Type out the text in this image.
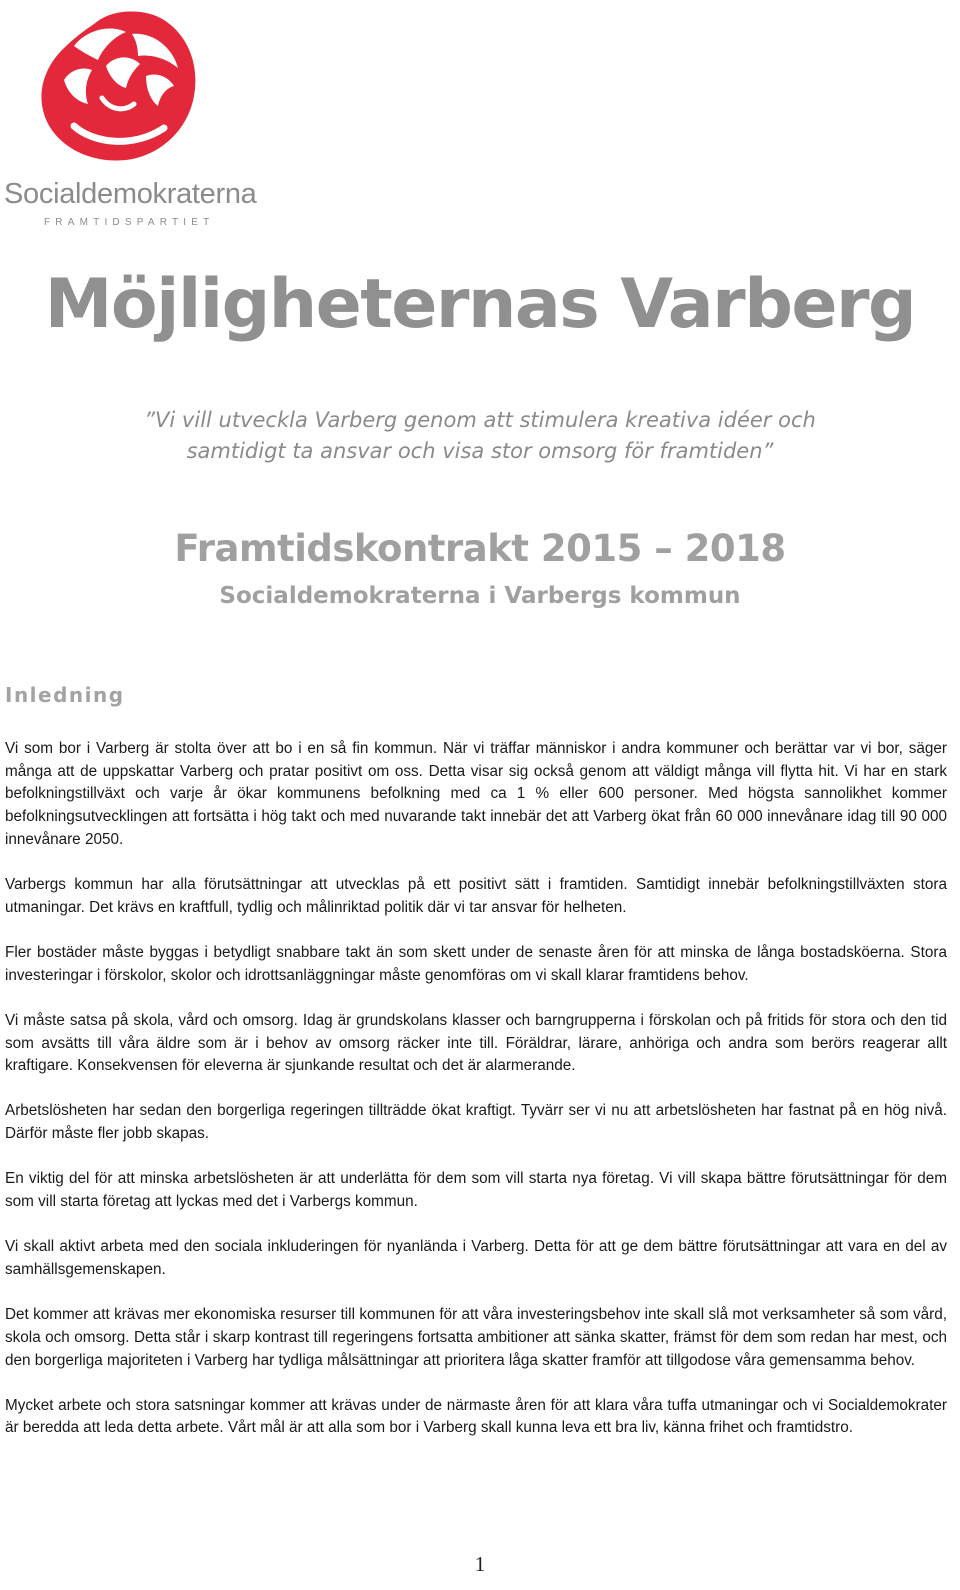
Socialdemokraterna
FRAMTIDSPARTIET
Möjligheternas Varberg
”Vi vill utveckla Varberg genom att stimulera kreativa idéer och
samtidigt ta ansvar och visa stor omsorg för framtiden”
Framtidskontrakt 2015 – 2018
Socialdemokraterna i Varbergs kommun
Inledning

Vi som bor i Varberg är stolta över att bo i en så fin kommun. När vi träffar människor i andra kommuner och berättar var vi bor, säger många att de uppskattar Varberg och pratar positivt om oss. Detta visar sig också genom att väldigt många vill flytta hit. Vi har en stark befolkningstillväxt och varje år ökar kommunens befolkning med ca 1 % eller 600 personer. Med högsta sannolikhet kommer befolkningsutvecklingen att fortsätta i hög takt och med nuvarande takt innebär det att Varberg ökat från 60 000 innevånare idag till 90 000 innevånare 2050.

Varbergs kommun har alla förutsättningar att utvecklas på ett positivt sätt i framtiden. Samtidigt innebär befolkningstillväxten stora utmaningar. Det krävs en kraftfull, tydlig och målinriktad politik där vi tar ansvar för helheten.

Fler bostäder måste byggas i betydligt snabbare takt än som skett under de senaste åren för att minska de långa bostadsköerna. Stora investeringar i förskolor, skolor och idrottsanläggningar måste genomföras om vi skall klarar framtidens behov.

Vi måste satsa på skola, vård och omsorg. Idag är grundskolans klasser och barngrupperna i förskolan och på fritids för stora och den tid som avsätts till våra äldre som är i behov av omsorg räcker inte till. Föräldrar, lärare, anhöriga och andra som berörs reagerar allt kraftigare. Konsekvensen för eleverna är sjunkande resultat och det är alarmerande.

Arbetslösheten har sedan den borgerliga regeringen tillträdde ökat kraftigt. Tyvärr ser vi nu att arbetslösheten har fastnat på en hög nivå. Därför måste fler jobb skapas.

En viktig del för att minska arbetslösheten är att underlätta för dem som vill starta nya företag. Vi vill skapa bättre förutsättningar för dem som vill starta företag att lyckas med det i Varbergs kommun.

Vi skall aktivt arbeta med den sociala inkluderingen för nyanlända i Varberg. Detta för att ge dem bättre förutsättningar att vara en del av samhällsgemenskapen.

Det kommer att krävas mer ekonomiska resurser till kommunen för att våra investeringsbehov inte skall slå mot verksamheter så som vård, skola och omsorg. Detta står i skarp kontrast till regeringens fortsatta ambitioner att sänka skatter, främst för dem som redan har mest, och den borgerliga majoriteten i Varberg har tydliga målsättningar att prioritera låga skatter framför att tillgodose våra gemensamma behov.

Mycket arbete och stora satsningar kommer att krävas under de närmaste åren för att klara våra tuffa utmaningar och vi Socialdemokrater är beredda att leda detta arbete. Vårt mål är att alla som bor i Varberg skall kunna leva ett bra liv, känna frihet och framtidstro.

1
